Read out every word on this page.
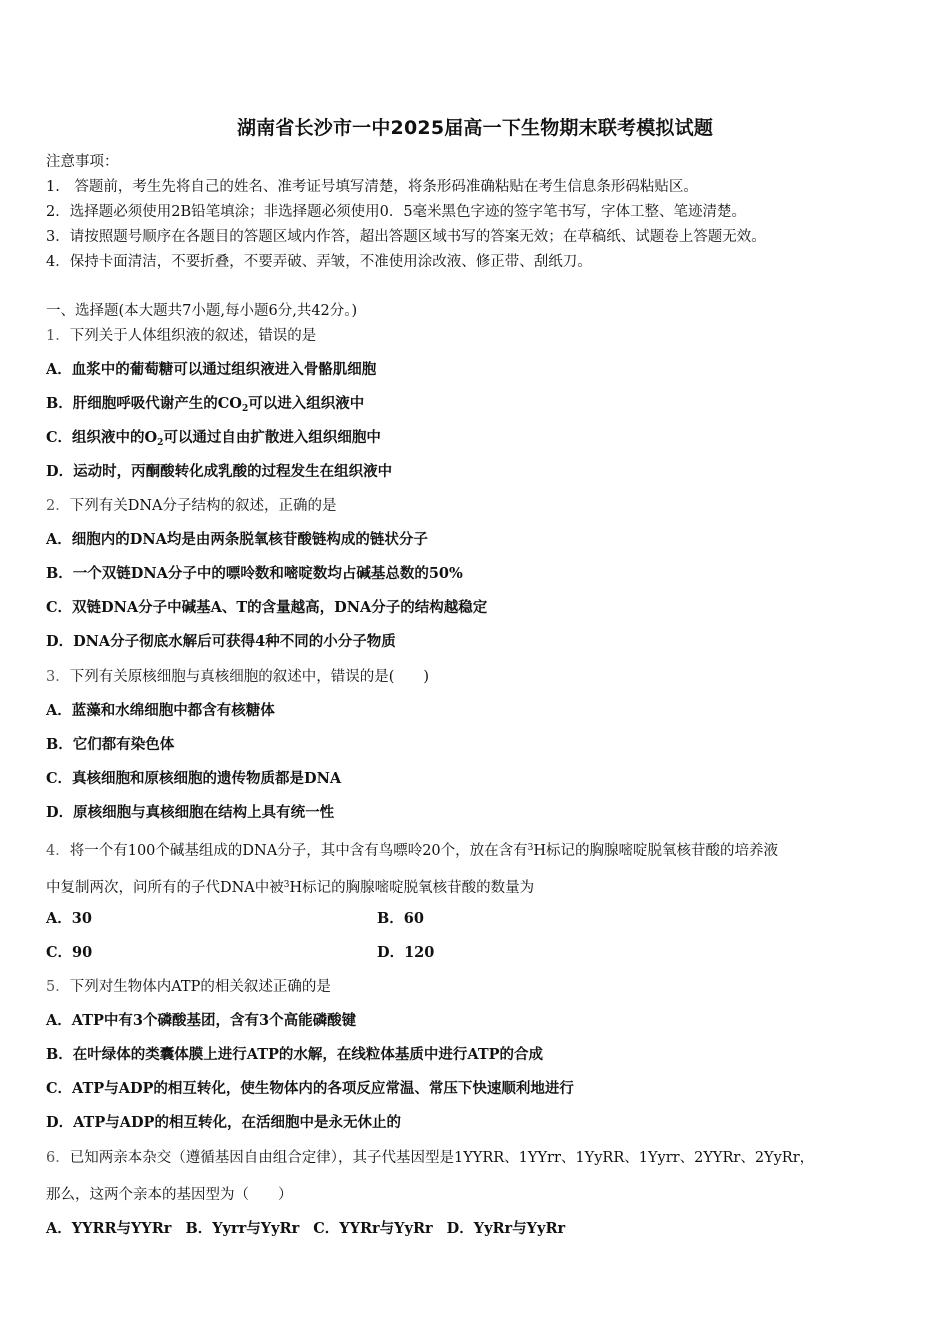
湖南省长沙市一中2025届高一下生物期末联考模拟试题
注意事项：
1.　答题前，考生先将自己的姓名、准考证号填写清楚，将条形码准确粘贴在考生信息条形码粘贴区。
2．选择题必须使用2B铅笔填涂；非选择题必须使用0．5毫米黑色字迹的签字笔书写，字体工整、笔迹清楚。
3．请按照题号顺序在各题目的答题区域内作答，超出答题区域书写的答案无效；在草稿纸、试题卷上答题无效。
4．保持卡面清洁，不要折叠，不要弄破、弄皱，不准使用涂改液、修正带、刮纸刀。
一、选择题(本大题共7小题,每小题6分,共42分。)
1．下列关于人体组织液的叙述，错误的是
A．血浆中的葡萄糖可以通过组织液进入骨骼肌细胞
B．肝细胞呼吸代谢产生的$CO_2$可以进入组织液中
C．组织液中的$O_2$可以通过自由扩散进入组织细胞中
D．运动时，丙酮酸转化成乳酸的过程发生在组织液中
2．下列有关DNA分子结构的叙述，正确的是
A．细胞内的DNA均是由两条脱氧核苷酸链构成的链状分子
B．一个双链DNA分子中的嘌呤数和嘧啶数均占碱基总数的50%
C．双链DNA分子中碱基A、T的含量越高，DNA分子的结构越稳定
D．DNA分子彻底水解后可获得4种不同的小分子物质
3．下列有关原核细胞与真核细胞的叙述中，错误的是(　　)
A．蓝藻和水绵细胞中都含有核糖体
B．它们都有染色体
C．真核细胞和原核细胞的遗传物质都是DNA
D．原核细胞与真核细胞在结构上具有统一性
4．将一个有100个碱基组成的DNA分子，其中含有鸟嘌呤20个，放在含有$^3$H标记的胸腺嘧啶脱氧核苷酸的培养液
中复制两次，问所有的子代DNA中被$^3$H标记的胸腺嘧啶脱氧核苷酸的数量为
A．30	B．60
C．90	D．120
5．下列对生物体内ATP的相关叙述正确的是
A．ATP中有3个磷酸基团，含有3个高能磷酸键
B．在叶绿体的类囊体膜上进行ATP的水解，在线粒体基质中进行ATP的合成
C．ATP与ADP的相互转化，使生物体内的各项反应常温、常压下快速顺利地进行
D．ATP与ADP的相互转化，在活细胞中是永无休止的
6．已知两亲本杂交（遵循基因自由组合定律），其子代基因型是1YYRR、1YYrr、1YyRR、1Yyrr、2YYRr、2YyRr，
那么，这两个亲本的基因型为（　　）
A．YYRR与YYRr B．Yyrr与YyRr C．YYRr与YyRr D．YyRr与YyRr
